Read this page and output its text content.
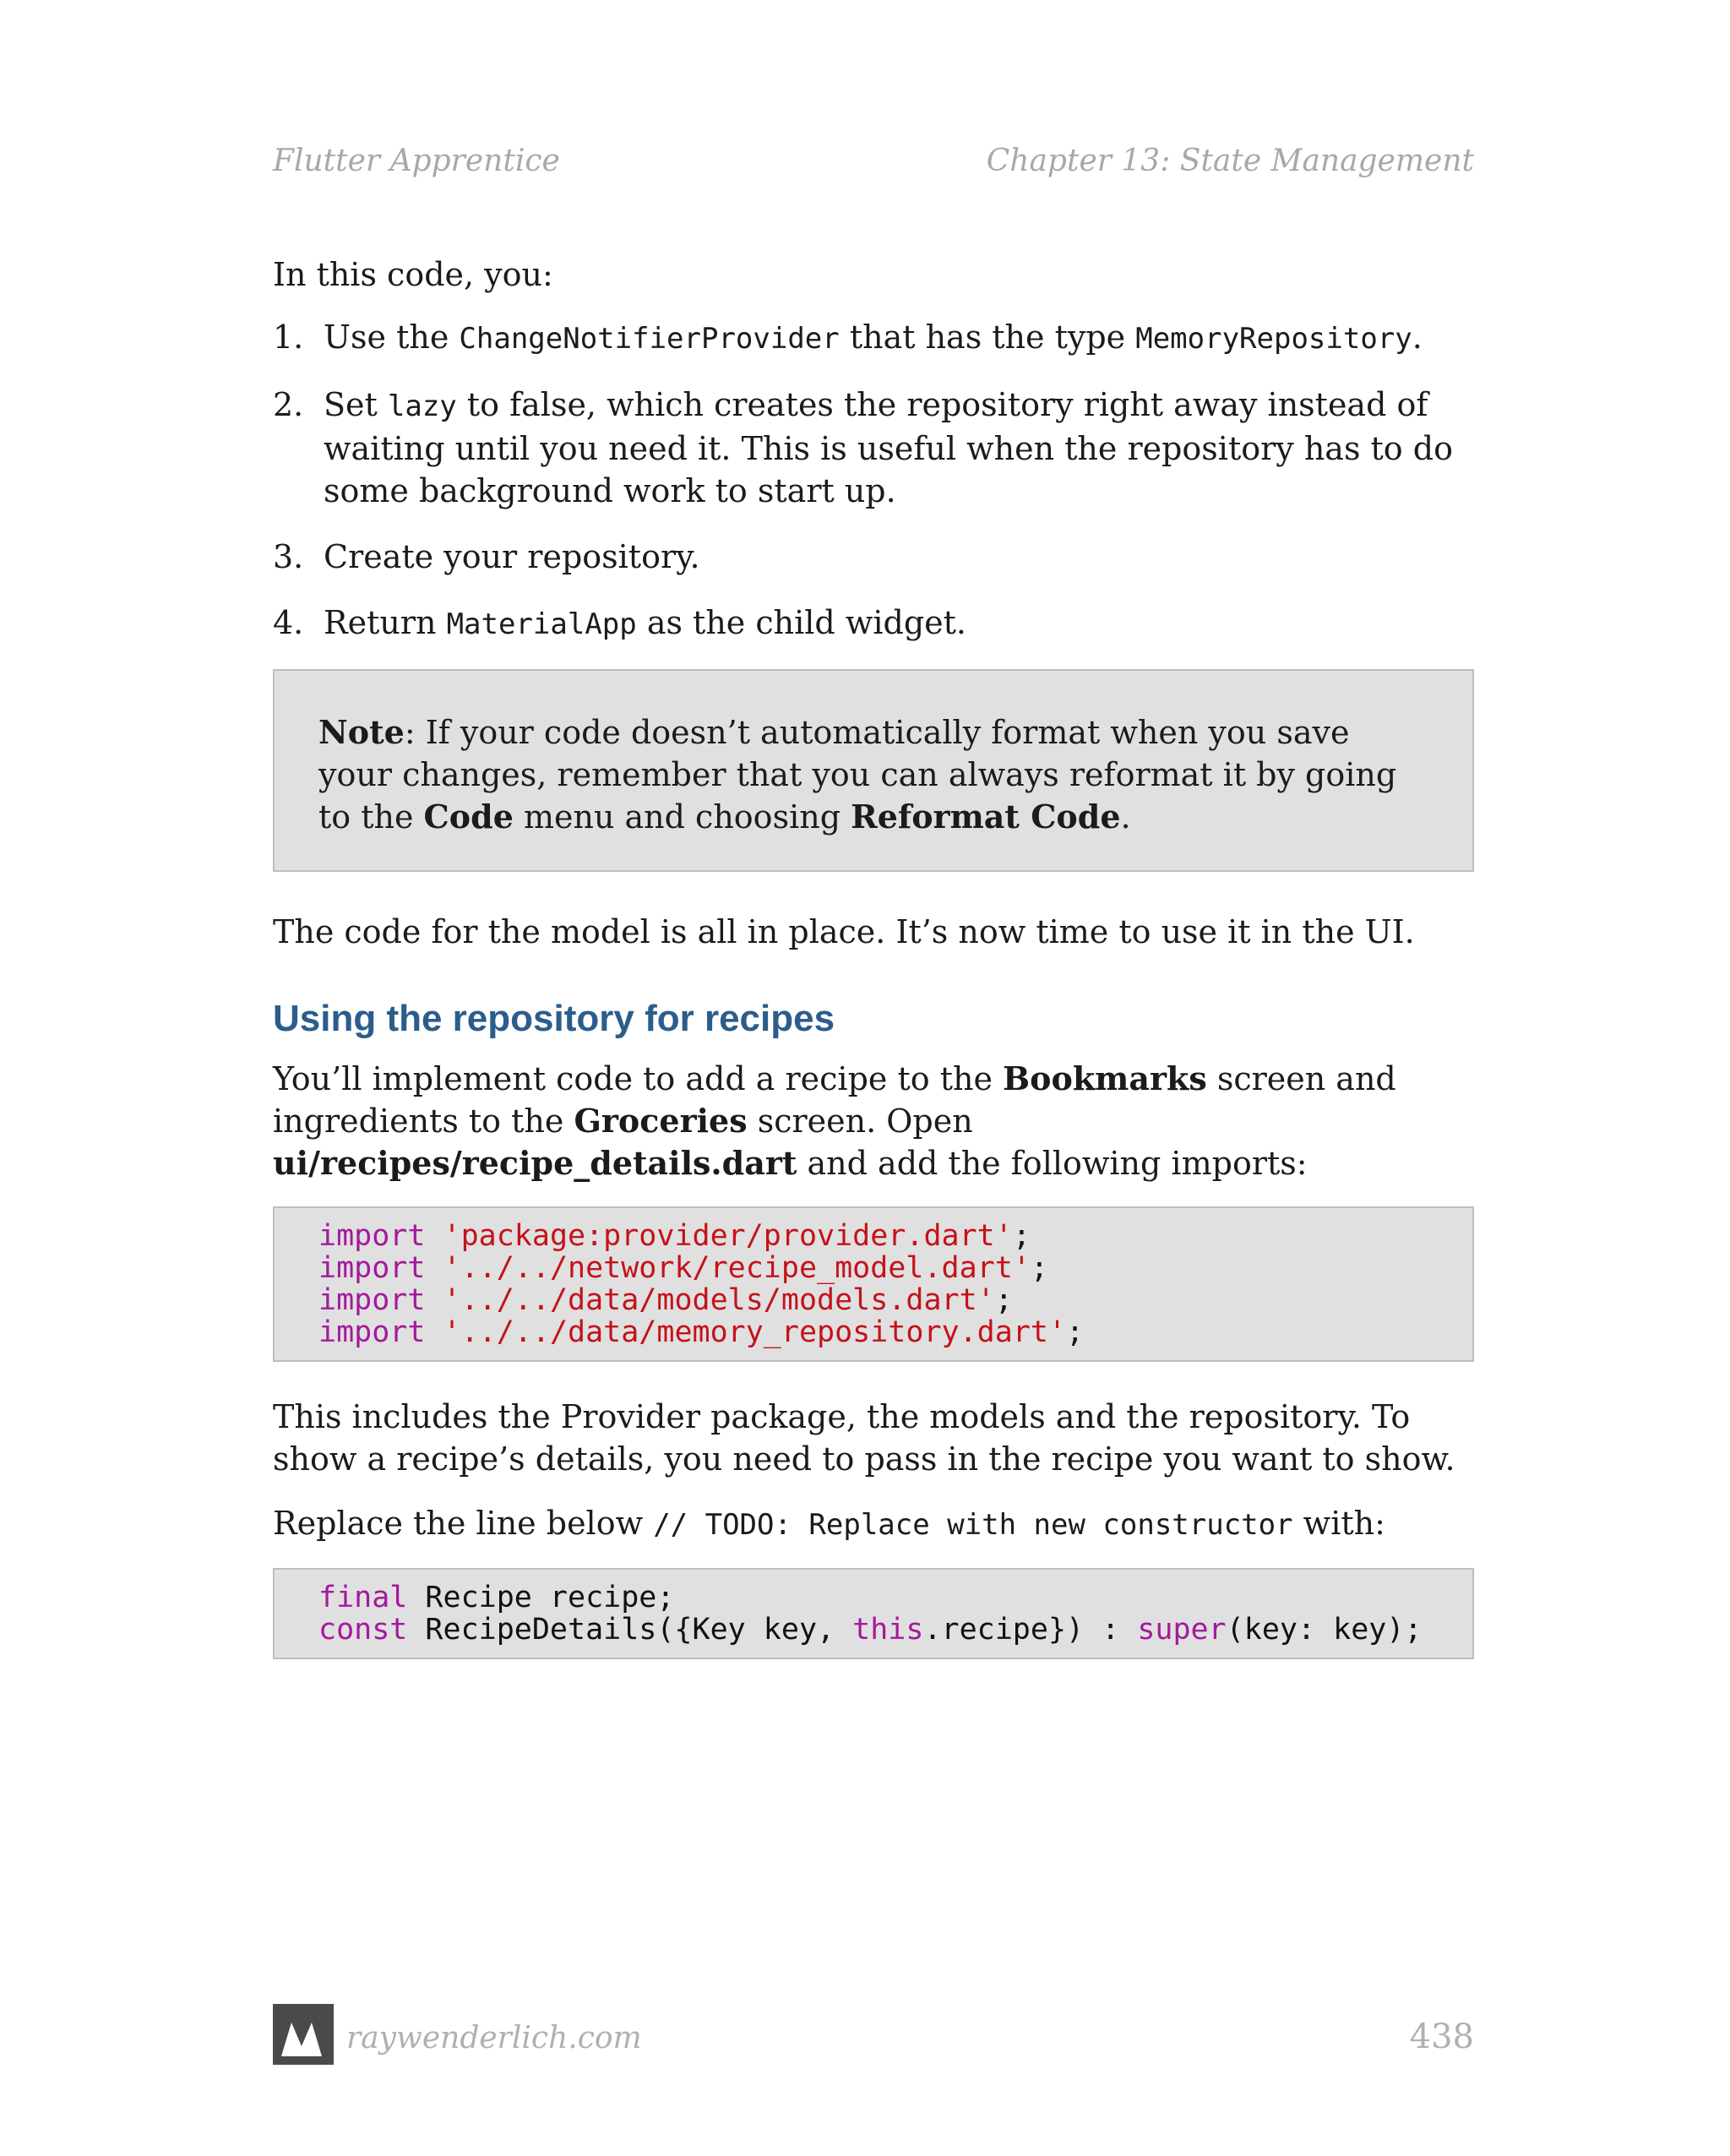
Flutter Apprentice	Chapter 13: State Management

In this code, you:

1. Use the ChangeNotifierProvider that has the type MemoryRepository.
2. Set lazy to false, which creates the repository right away instead of waiting until you need it. This is useful when the repository has to do some background work to start up.
3. Create your repository.
4. Return MaterialApp as the child widget.

Note: If your code doesn’t automatically format when you save your changes, remember that you can always reformat it by going to the Code menu and choosing Reformat Code.

The code for the model is all in place. It’s now time to use it in the UI.

Using the repository for recipes

You’ll implement code to add a recipe to the Bookmarks screen and ingredients to the Groceries screen. Open ui/recipes/recipe_details.dart and add the following imports:

import 'package:provider/provider.dart';
import '../../network/recipe_model.dart';
import '../../data/models/models.dart';
import '../../data/memory_repository.dart';

This includes the Provider package, the models and the repository. To show a recipe’s details, you need to pass in the recipe you want to show.

Replace the line below // TODO: Replace with new constructor with:

final Recipe recipe;
const RecipeDetails({Key key, this.recipe}) : super(key: key);
raywenderlich.com	438
